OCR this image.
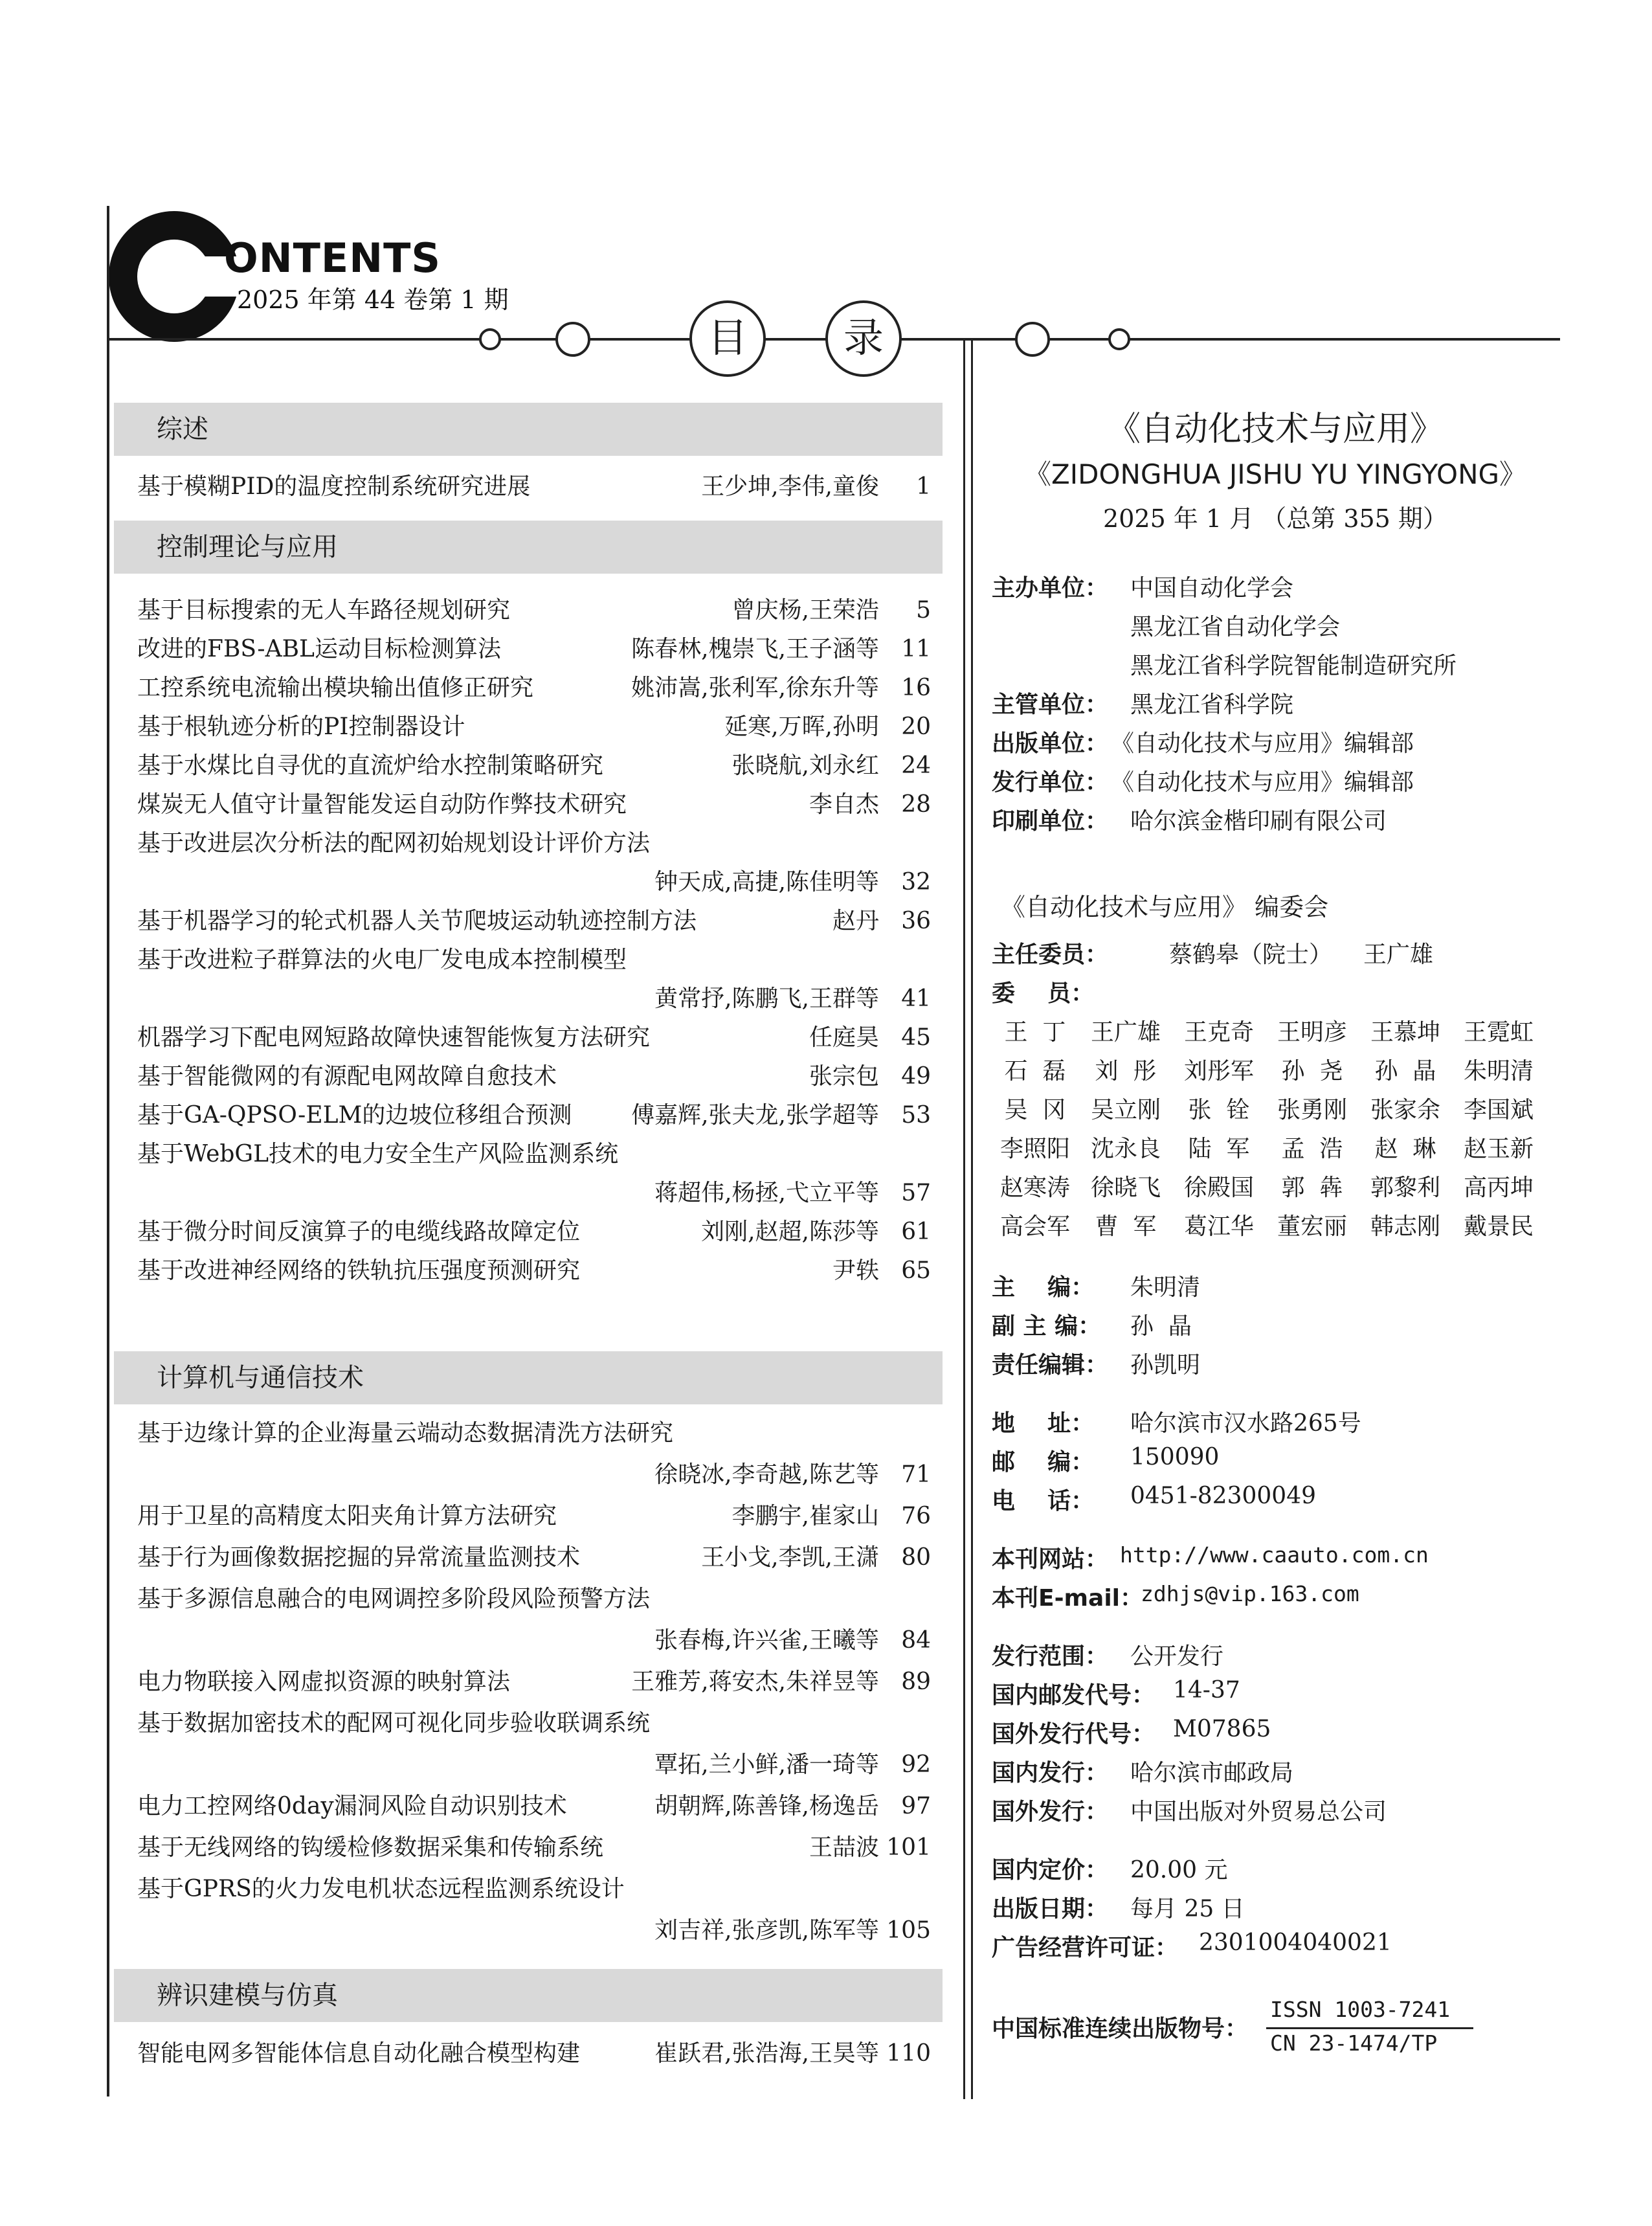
ONTENTS
2025 年第 44 卷第 1 期
目	录
综述
基于模糊PID的温度控制系统研究进展	王少坤,李伟,童俊 1
控制理论与应用
基于目标搜索的无人车路径规划研究	曾庆杨,王荣浩 5
改进的FBS-ABL运动目标检测算法	陈春林,槐崇飞,王子涵等 11
工控系统电流输出模块输出值修正研究	姚沛嵩,张利军,徐东升等 16
基于根轨迹分析的PI控制器设计	延寒,万晖,孙明 20
基于水煤比自寻优的直流炉给水控制策略研究	张晓航,刘永红 24
煤炭无人值守计量智能发运自动防作弊技术研究	李自杰 28
基于改进层次分析法的配网初始规划设计评价方法
钟天成,高捷,陈佳明等 32
基于机器学习的轮式机器人关节爬坡运动轨迹控制方法	赵丹 36
基于改进粒子群算法的火电厂发电成本控制模型
黄常抒,陈鹏飞,王群等 41
机器学习下配电网短路故障快速智能恢复方法研究	任庭昊 45
基于智能微网的有源配电网故障自愈技术	张宗包 49
基于GA-QPSO-ELM的边坡位移组合预测	傅嘉辉,张夫龙,张学超等 53
基于WebGL技术的电力安全生产风险监测系统
蒋超伟,杨拯,弋立平等 57
基于微分时间反演算子的电缆线路故障定位	刘刚,赵超,陈莎等 61
基于改进神经网络的铁轨抗压强度预测研究	尹轶 65
计算机与通信技术
基于边缘计算的企业海量云端动态数据清洗方法研究
徐晓冰,李奇越,陈艺等 71
用于卫星的高精度太阳夹角计算方法研究	李鹏宇,崔家山 76
基于行为画像数据挖掘的异常流量监测技术	王小戈,李凯,王潇 80
基于多源信息融合的电网调控多阶段风险预警方法
张春梅,许兴雀,王曦等 84
电力物联接入网虚拟资源的映射算法	王雅芳,蒋安杰,朱祥昱等 89
基于数据加密技术的配网可视化同步验收联调系统
覃拓,兰小鲜,潘一琦等 92
电力工控网络0day漏洞风险自动识别技术	胡朝辉,陈善锋,杨逸岳 97
基于无线网络的钩缓检修数据采集和传输系统	王喆波 101
基于GPRS的火力发电机状态远程监测系统设计
刘吉祥,张彦凯,陈军等 105
辨识建模与仿真
智能电网多智能体信息自动化融合模型构建	崔跃君,张浩海,王昊等 110
《自动化技术与应用》
《ZIDONGHUA JISHU YU YINGYONG》
2025 年 1 月 （总第 355 期）
主办单位： 中国自动化学会
黑龙江省自动化学会
黑龙江省科学院智能制造研究所
主管单位： 黑龙江省科学院
出版单位： 《自动化技术与应用》编辑部
发行单位： 《自动化技术与应用》编辑部
印刷单位： 哈尔滨金楷印刷有限公司
《自动化技术与应用》 编委会
主任委员：	蔡鹤皋（院士） 王广雄
委    员：
王  丁	王广雄 王克奇 王明彦 王慕坤 王霓虹
石  磊	刘  彤	刘彤军	孙  尧	孙  晶	朱明清
吴  冈	吴立刚	张  铨	张勇刚 张家余 李国斌
李照阳 沈永良	陆  军	孟  浩	赵  琳	赵玉新
赵寒涛 徐晓飞 徐殿国	郭  犇	郭黎利 高丙坤
高会军	曹  军	葛江华 董宏丽 韩志刚 戴景民
主    编： 朱明清
副 主 编： 孙  晶
责任编辑： 孙凯明
地    址： 哈尔滨市汉水路265号
邮    编： 150090
电    话： 0451-82300049
本刊网站： http://www.caauto.com.cn
本刊E-mail：
zdhjs@vip.163.com
发行范围： 公开发行
国内邮发代号： 14-37
国外发行代号： M07865
国内发行： 哈尔滨市邮政局
国外发行： 中国出版对外贸易总公司
国内定价： 20.00 元
出版日期： 每月 25 日
广告经营许可证： 2301004040021
中国标准连续出版物号：
ISSN 1003-7241
CN 23-1474/TP
